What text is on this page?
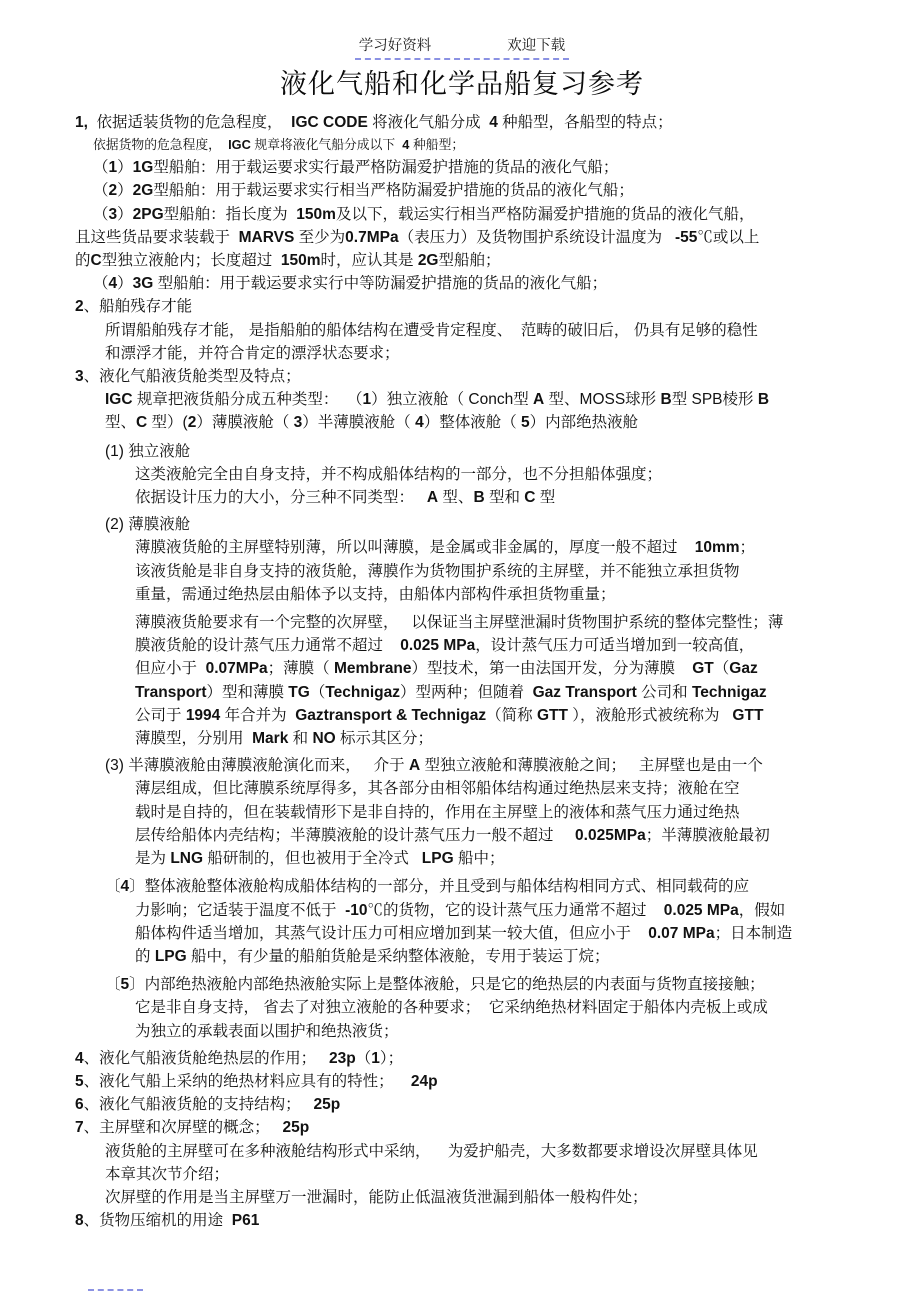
学习好资料	欢迎下载
液化气船和化学品船复习参考

1,  依据适装货物的危急程度，  IGC CODE 将液化气船分成  4 种船型，各船型的特点；

依据货物的危急程度，  IGC 规章将液化气船分成以下  4 种船型；

（1）1G型船舶：用于载运要求实行最严格防漏爱护措施的货品的液化气船；

（2）2G型船舶：用于载运要求实行相当严格防漏爱护措施的货品的液化气船；

（3）2PG型船舶：指长度为  150m及以下，载运实行相当严格防漏爱护措施的货品的液化气船，

且这些货品要求装载于  MARVS 至少为0.7MPa（表压力）及货物围护系统设计温度为   -55℃或以上

的C型独立液舱内；长度超过  150m时，应认其是 2G型船舶；

（4）3G 型船舶：用于载运要求实行中等防漏爱护措施的货品的液化气船；

2、船舶残存才能

所谓船舶残存才能， 是指船舶的船体结构在遭受肯定程度、  范畴的破旧后， 仍具有足够的稳性

和漂浮才能，并符合肯定的漂浮状态要求；

3、液化气船液货舱类型及特点；

IGC 规章把液货船分成五种类型：  （1）独立液舱（ Conch型 A 型、MOSS球形 B型 SPB棱形 B

型、C 型）(2）薄膜液舱（ 3）半薄膜液舱（ 4）整体液舱（ 5）内部绝热液舱

(1) 独立液舱

这类液舱完全由自身支持，并不构成船体结构的一部分，也不分担船体强度；

依据设计压力的大小，分三种不同类型：   A 型、B 型和 C 型

(2) 薄膜液舱

薄膜液货舱的主屏壁特别薄，所以叫薄膜，是金属或非金属的，厚度一般不超过    10mm；

该液货舱是非自身支持的液货舱，薄膜作为货物围护系统的主屏壁，并不能独立承担货物

重量，需通过绝热层由船体予以支持，由船体内部构件承担货物重量；

薄膜液货舱要求有一个完整的次屏壁，   以保证当主屏壁泄漏时货物围护系统的整体完整性；薄

膜液货舱的设计蒸气压力通常不超过    0.025 MPa，设计蒸气压力可适当增加到一较高值，

但应小于  0.07MPa；薄膜（ Membrane）型技术，第一由法国开发，分为薄膜    GT（Gaz

Transport）型和薄膜 TG（Technigaz）型两种；但随着  Gaz Transport 公司和 Technigaz

公司于 1994 年合并为  Gaztransport & Technigaz（简称 GTT ），液舱形式被统称为   GTT

薄膜型，分别用  Mark 和 NO 标示其区分；

(3) 半薄膜液舱由薄膜液舱演化而来，   介于 A 型独立液舱和薄膜液舱之间；   主屏壁也是由一个

薄层组成，但比薄膜系统厚得多，其各部分由相邻船体结构通过绝热层来支持；液舱在空

载时是自持的，但在装载情形下是非自持的，作用在主屏壁上的液体和蒸气压力通过绝热

层传给船体内壳结构；半薄膜液舱的设计蒸气压力一般不超过     0.025MPa；半薄膜液舱最初

是为 LNG 船研制的，但也被用于全冷式   LPG 船中；

〔4〕整体液舱整体液舱构成船体结构的一部分，并且受到与船体结构相同方式、相同载荷的应

力影响；它适装于温度不低于  -10℃的货物，它的设计蒸气压力通常不超过    0.025 MPa，假如

船体构件适当增加，其蒸气设计压力可相应增加到某一较大值，但应小于    0.07 MPa；日本制造

的 LPG 船中，有少量的船舶货舱是采纳整体液舱，专用于装运丁烷；

〔5〕内部绝热液舱内部绝热液舱实际上是整体液舱，只是它的绝热层的内表面与货物直接接触；

它是非自身支持， 省去了对独立液舱的各种要求；  它采纳绝热材料固定于船体内壳板上或成

为独立的承载表面以围护和绝热液货；

4、液化气船液货舱绝热层的作用；   23p（1）；

5、液化气船上采纳的绝热材料应具有的特性；    24p

6、液化气船液货舱的支持结构；   25p

7、主屏壁和次屏壁的概念；   25p

液货舱的主屏壁可在多种液舱结构形式中采纳，    为爱护船壳，大多数都要求增设次屏壁具体见

本章其次节介绍；

次屏壁的作用是当主屏壁万一泄漏时，能防止低温液货泄漏到船体一般构件处；

8、货物压缩机的用途  P61
